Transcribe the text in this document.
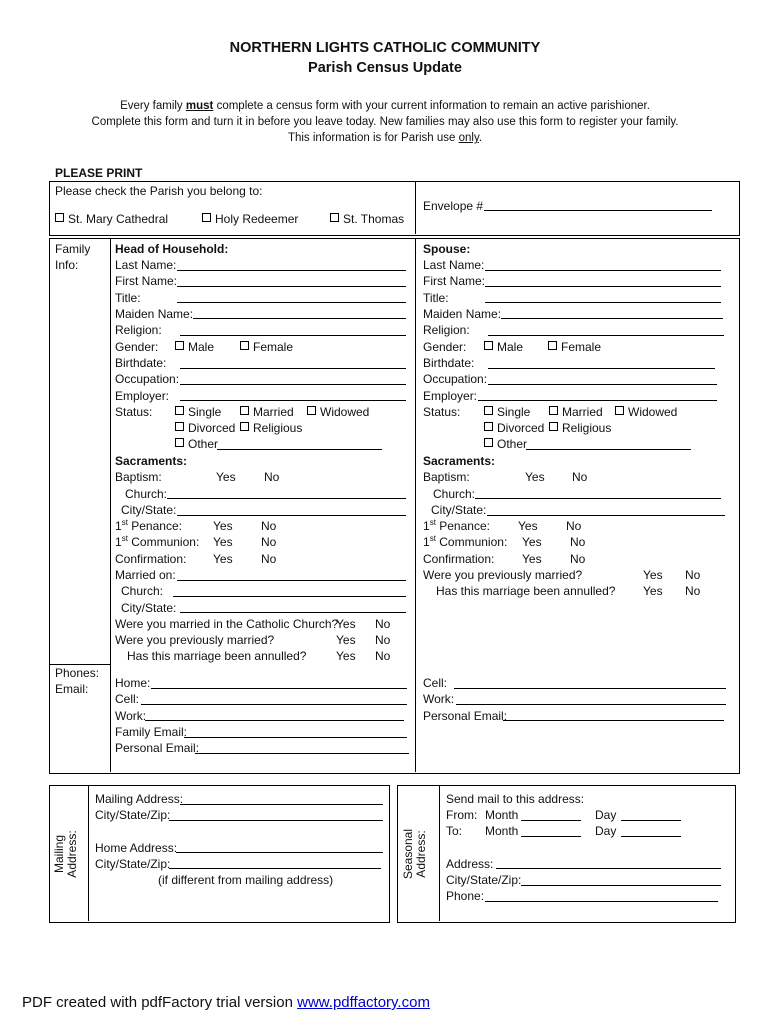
NORTHERN LIGHTS CATHOLIC COMMUNITY
Parish Census Update
Every family must complete a census form with your current information to remain an active parishioner.
Complete this form and turn it in before you leave today. New families may also use this form to register your family.
This information is for Parish use only.
PLEASE PRINT
Please check the Parish you belong to:
St. Mary Cathedral	Holy Redeemer	St. Thomas
Envelope #
Family
Info:
Head of Household:
Last Name:
First Name:
Title:
Maiden Name:
Religion:
Gender:	Male	Female
Birthdate:
Occupation:
Employer:
Status:	Single	Married	Widowed
Divorced	Religious
Other
Sacraments:
Baptism:	Yes No
Church:
City/State:
1st Penance:	Yes No
1st Communion: Yes No
Confirmation: Yes No
Married on:
Church:
City/State:
Were you married in the Catholic Church?
Yes No
Were you previously married?	Yes No
Has this marriage been annulled? Yes No
Spouse:
Last Name:
First Name:
Title:
Maiden Name:
Religion:
Gender:	Male	Female
Birthdate:
Occupation:
Employer:
Status:	Single	Married	Widowed
Divorced	Religious
Other
Sacraments:
Baptism:	Yes No
Church:
City/State:
1st Penance: Yes No
1st Communion: Yes No
Confirmation: Yes No
Were you previously married?	Yes No
Has this marriage been annulled? Yes No
Phones:
Email: Home:
Cell:
Work:
Family Email:
Personal Email:
Cell:
Work:
Personal Email:
Mailing
Address:
Mailing Address:
City/State/Zip:
Home Address:
City/State/Zip:
(if different from mailing address)
Seasonal
Address:
Send mail to this address:
From: Month	Day
To: Month	Day
Address:
City/State/Zip:
Phone:
PDF created with pdfFactory trial version www.pdffactory.com
